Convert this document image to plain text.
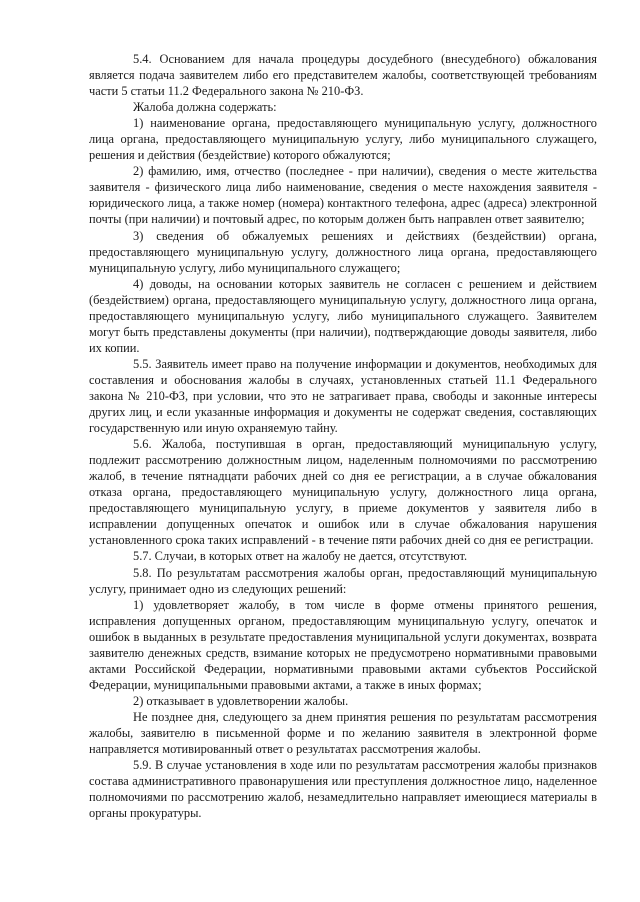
5.4. Основанием для начала процедуры досудебного (внесудебного) обжалования является подача заявителем либо его представителем жалобы, соответствующей требованиям части 5 статьи 11.2 Федерального закона № 210-ФЗ.

Жалоба должна содержать:

1) наименование органа, предоставляющего муниципальную услугу, должностного лица органа, предоставляющего муниципальную услугу, либо муниципального служащего, решения и действия (бездействие) которого обжалуются;

2) фамилию, имя, отчество (последнее - при наличии), сведения о месте жительства заявителя - физического лица либо наименование, сведения о месте нахождения заявителя - юридического лица, а также номер (номера) контактного телефона, адрес (адреса) электронной почты (при наличии) и почтовый адрес, по которым должен быть направлен ответ заявителю;

3) сведения об обжалуемых решениях и действиях (бездействии) органа, предоставляющего муниципальную услугу, должностного лица органа, предоставляющего муниципальную услугу, либо муниципального служащего;

4) доводы, на основании которых заявитель не согласен с решением и действием (бездействием) органа, предоставляющего муниципальную услугу, должностного лица органа, предоставляющего муниципальную услугу, либо муниципального служащего. Заявителем могут быть представлены документы (при наличии), подтверждающие доводы заявителя, либо их копии.

5.5. Заявитель имеет право на получение информации и документов, необходимых для составления и обоснования жалобы в случаях, установленных статьей 11.1 Федерального закона № 210-ФЗ, при условии, что это не затрагивает права, свободы и законные интересы других лиц, и если указанные информация и документы не содержат сведения, составляющих государственную или иную охраняемую тайну.

5.6. Жалоба, поступившая в орган, предоставляющий муниципальную услугу, подлежит рассмотрению должностным лицом, наделенным полномочиями по рассмотрению жалоб, в течение пятнадцати рабочих дней со дня ее регистрации, а в случае обжалования отказа органа, предоставляющего муниципальную услугу, должностного лица органа, предоставляющего муниципальную услугу, в приеме документов у заявителя либо в исправлении допущенных опечаток и ошибок или в случае обжалования нарушения установленного срока таких исправлений - в течение пяти рабочих дней со дня ее регистрации.

5.7. Случаи, в которых ответ на жалобу не дается, отсутствуют.

5.8. По результатам рассмотрения жалобы орган, предоставляющий муниципальную услугу, принимает одно из следующих решений:

1) удовлетворяет жалобу, в том числе в форме отмены принятого решения, исправления допущенных органом, предоставляющим муниципальную услугу, опечаток и ошибок в выданных в результате предоставления муниципальной услуги документах, возврата заявителю денежных средств, взимание которых не предусмотрено нормативными правовыми актами Российской Федерации, нормативными правовыми актами субъектов Российской Федерации, муниципальными правовыми актами, а также в иных формах;

2) отказывает в удовлетворении жалобы.

Не позднее дня, следующего за днем принятия решения по результатам рассмотрения жалобы, заявителю в письменной форме и по желанию заявителя в электронной форме направляется мотивированный ответ о результатах рассмотрения жалобы.

5.9. В случае установления в ходе или по результатам рассмотрения жалобы признаков состава административного правонарушения или преступления должностное лицо, наделенное полномочиями по рассмотрению жалоб, незамедлительно направляет имеющиеся материалы в органы прокуратуры.
